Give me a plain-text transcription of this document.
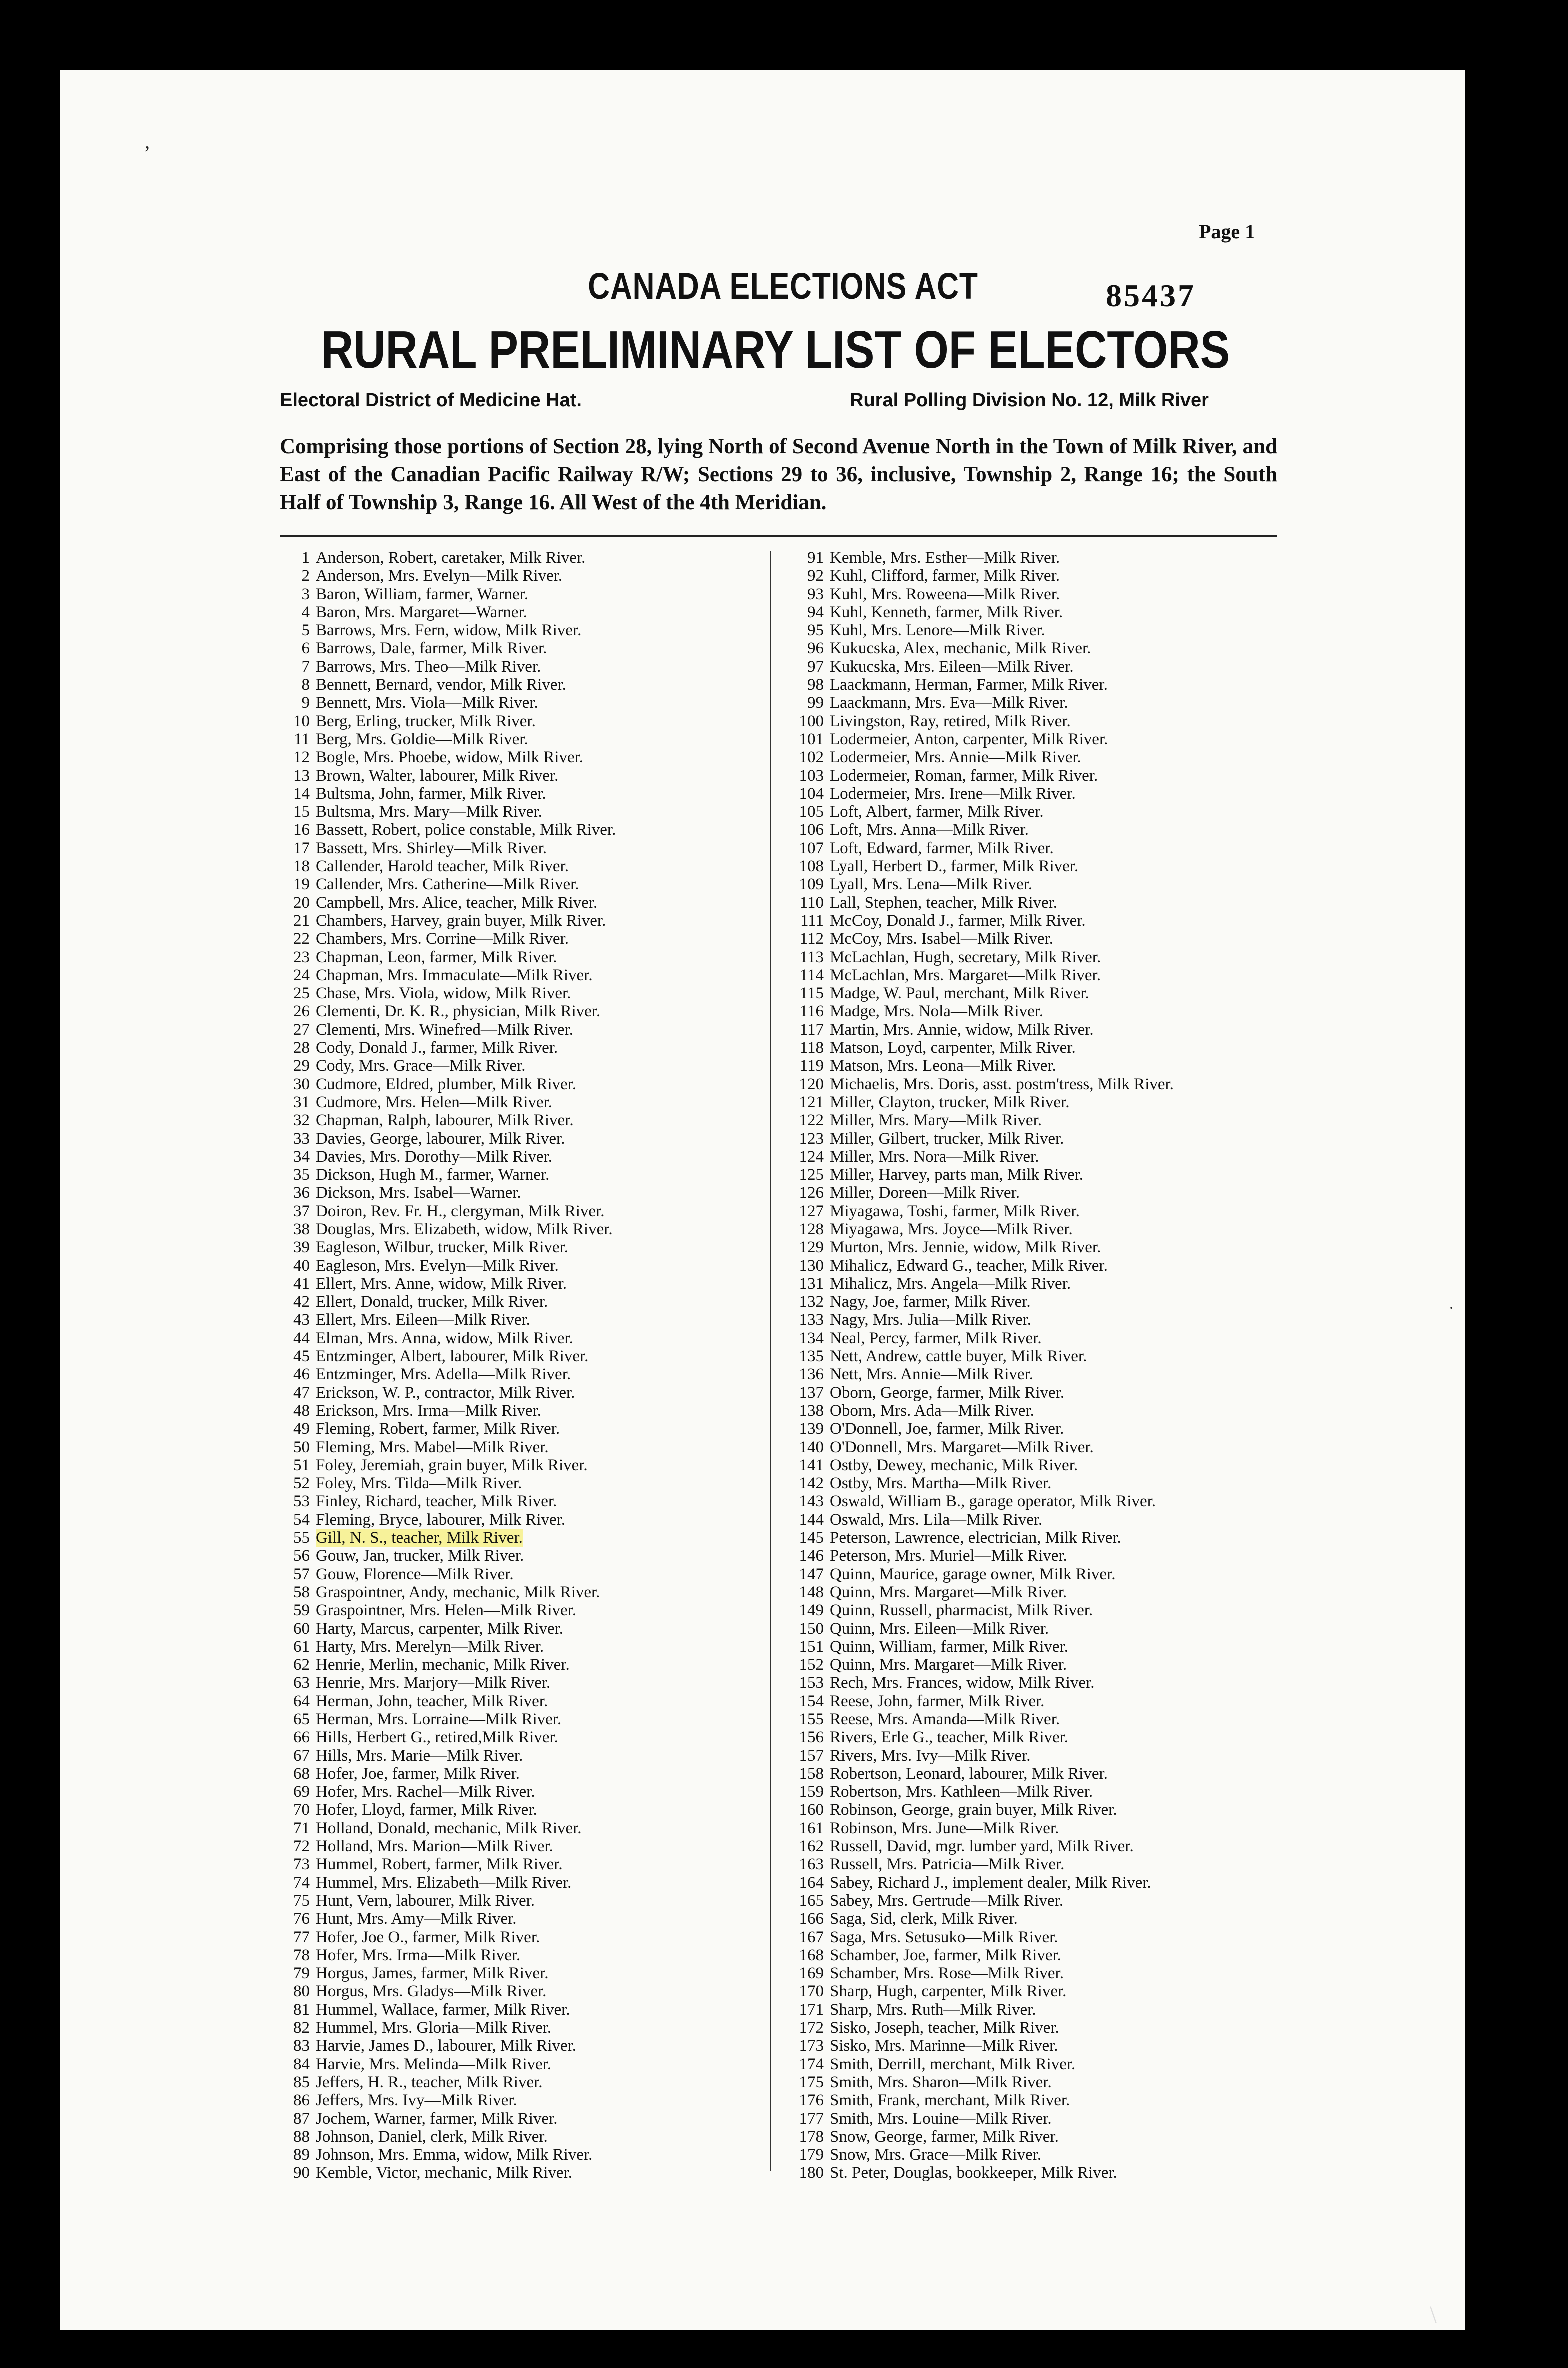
,
·
\
Page 1
CANADA ELECTIONS ACT	85437
RURAL PRELIMINARY LIST OF ELECTORS
Electoral District of Medicine Hat.	Rural Polling Division No. 12, Milk River
Comprising those portions of Section 28, lying North of Second Avenue North in the Town of Milk River, and East of the Canadian Pacific Railway R/W; Sections 29 to 36, inclusive, Township 2, Range 16; the South Half of Township 3, Range 16. All West of the 4th Meridian.
1 Anderson, Robert, caretaker, Milk River.
2 Anderson, Mrs. Evelyn—Milk River.
3 Baron, William, farmer, Warner.
4 Baron, Mrs. Margaret—Warner.
5 Barrows, Mrs. Fern, widow, Milk River.
6 Barrows, Dale, farmer, Milk River.
7 Barrows, Mrs. Theo—Milk River.
8 Bennett, Bernard, vendor, Milk River.
9 Bennett, Mrs. Viola—Milk River.
10 Berg, Erling, trucker, Milk River.
11 Berg, Mrs. Goldie—Milk River.
12 Bogle, Mrs. Phoebe, widow, Milk River.
13 Brown, Walter, labourer, Milk River.
14 Bultsma, John, farmer, Milk River.
15 Bultsma, Mrs. Mary—Milk River.
16 Bassett, Robert, police constable, Milk River.
17 Bassett, Mrs. Shirley—Milk River.
18 Callender, Harold teacher, Milk River.
19 Callender, Mrs. Catherine—Milk River.
20 Campbell, Mrs. Alice, teacher, Milk River.
21 Chambers, Harvey, grain buyer, Milk River.
22 Chambers, Mrs. Corrine—Milk River.
23 Chapman, Leon, farmer, Milk River.
24 Chapman, Mrs. Immaculate—Milk River.
25 Chase, Mrs. Viola, widow, Milk River.
26 Clementi, Dr. K. R., physician, Milk River.
27 Clementi, Mrs. Winefred—Milk River.
28 Cody, Donald J., farmer, Milk River.
29 Cody, Mrs. Grace—Milk River.
30 Cudmore, Eldred, plumber, Milk River.
31 Cudmore, Mrs. Helen—Milk River.
32 Chapman, Ralph, labourer, Milk River.
33 Davies, George, labourer, Milk River.
34 Davies, Mrs. Dorothy—Milk River.
35 Dickson, Hugh M., farmer, Warner.
36 Dickson, Mrs. Isabel—Warner.
37 Doiron, Rev. Fr. H., clergyman, Milk River.
38 Douglas, Mrs. Elizabeth, widow, Milk River.
39 Eagleson, Wilbur, trucker, Milk River.
40 Eagleson, Mrs. Evelyn—Milk River.
41 Ellert, Mrs. Anne, widow, Milk River.
42 Ellert, Donald, trucker, Milk River.
43 Ellert, Mrs. Eileen—Milk River.
44 Elman, Mrs. Anna, widow, Milk River.
45 Entzminger, Albert, labourer, Milk River.
46 Entzminger, Mrs. Adella—Milk River.
47 Erickson, W. P., contractor, Milk River.
48 Erickson, Mrs. Irma—Milk River.
49 Fleming, Robert, farmer, Milk River.
50 Fleming, Mrs. Mabel—Milk River.
51 Foley, Jeremiah, grain buyer, Milk River.
52 Foley, Mrs. Tilda—Milk River.
53 Finley, Richard, teacher, Milk River.
54 Fleming, Bryce, labourer, Milk River.
55 Gill, N. S., teacher, Milk River.
56 Gouw, Jan, trucker, Milk River.
57 Gouw, Florence—Milk River.
58 Graspointner, Andy, mechanic, Milk River.
59 Graspointner, Mrs. Helen—Milk River.
60 Harty, Marcus, carpenter, Milk River.
61 Harty, Mrs. Merelyn—Milk River.
62 Henrie, Merlin, mechanic, Milk River.
63 Henrie, Mrs. Marjory—Milk River.
64 Herman, John, teacher, Milk River.
65 Herman, Mrs. Lorraine—Milk River.
66 Hills, Herbert G., retired,Milk River.
67 Hills, Mrs. Marie—Milk River.
68 Hofer, Joe, farmer, Milk River.
69 Hofer, Mrs. Rachel—Milk River.
70 Hofer, Lloyd, farmer, Milk River.
71 Holland, Donald, mechanic, Milk River.
72 Holland, Mrs. Marion—Milk River.
73 Hummel, Robert, farmer, Milk River.
74 Hummel, Mrs. Elizabeth—Milk River.
75 Hunt, Vern, labourer, Milk River.
76 Hunt, Mrs. Amy—Milk River.
77 Hofer, Joe O., farmer, Milk River.
78 Hofer, Mrs. Irma—Milk River.
79 Horgus, James, farmer, Milk River.
80 Horgus, Mrs. Gladys—Milk River.
81 Hummel, Wallace, farmer, Milk River.
82 Hummel, Mrs. Gloria—Milk River.
83 Harvie, James D., labourer, Milk River.
84 Harvie, Mrs. Melinda—Milk River.
85 Jeffers, H. R., teacher, Milk River.
86 Jeffers, Mrs. Ivy—Milk River.
87 Jochem, Warner, farmer, Milk River.
88 Johnson, Daniel, clerk, Milk River.
89 Johnson, Mrs. Emma, widow, Milk River.
90 Kemble, Victor, mechanic, Milk River.
91 Kemble, Mrs. Esther—Milk River.
92 Kuhl, Clifford, farmer, Milk River.
93 Kuhl, Mrs. Roweena—Milk River.
94 Kuhl, Kenneth, farmer, Milk River.
95 Kuhl, Mrs. Lenore—Milk River.
96 Kukucska, Alex, mechanic, Milk River.
97 Kukucska, Mrs. Eileen—Milk River.
98 Laackmann, Herman, Farmer, Milk River.
99 Laackmann, Mrs. Eva—Milk River.
100 Livingston, Ray, retired, Milk River.
101 Lodermeier, Anton, carpenter, Milk River.
102 Lodermeier, Mrs. Annie—Milk River.
103 Lodermeier, Roman, farmer, Milk River.
104 Lodermeier, Mrs. Irene—Milk River.
105 Loft, Albert, farmer, Milk River.
106 Loft, Mrs. Anna—Milk River.
107 Loft, Edward, farmer, Milk River.
108 Lyall, Herbert D., farmer, Milk River.
109 Lyall, Mrs. Lena—Milk River.
110 Lall, Stephen, teacher, Milk River.
111 McCoy, Donald J., farmer, Milk River.
112 McCoy, Mrs. Isabel—Milk River.
113 McLachlan, Hugh, secretary, Milk River.
114 McLachlan, Mrs. Margaret—Milk River.
115 Madge, W. Paul, merchant, Milk River.
116 Madge, Mrs. Nola—Milk River.
117 Martin, Mrs. Annie, widow, Milk River.
118 Matson, Loyd, carpenter, Milk River.
119 Matson, Mrs. Leona—Milk River.
120 Michaelis, Mrs. Doris, asst. postm'tress, Milk River.
121 Miller, Clayton, trucker, Milk River.
122 Miller, Mrs. Mary—Milk River.
123 Miller, Gilbert, trucker, Milk River.
124 Miller, Mrs. Nora—Milk River.
125 Miller, Harvey, parts man, Milk River.
126 Miller, Doreen—Milk River.
127 Miyagawa, Toshi, farmer, Milk River.
128 Miyagawa, Mrs. Joyce—Milk River.
129 Murton, Mrs. Jennie, widow, Milk River.
130 Mihalicz, Edward G., teacher, Milk River.
131 Mihalicz, Mrs. Angela—Milk River.
132 Nagy, Joe, farmer, Milk River.
133 Nagy, Mrs. Julia—Milk River.
134 Neal, Percy, farmer, Milk River.
135 Nett, Andrew, cattle buyer, Milk River.
136 Nett, Mrs. Annie—Milk River.
137 Oborn, George, farmer, Milk River.
138 Oborn, Mrs. Ada—Milk River.
139 O'Donnell, Joe, farmer, Milk River.
140 O'Donnell, Mrs. Margaret—Milk River.
141 Ostby, Dewey, mechanic, Milk River.
142 Ostby, Mrs. Martha—Milk River.
143 Oswald, William B., garage operator, Milk River.
144 Oswald, Mrs. Lila—Milk River.
145 Peterson, Lawrence, electrician, Milk River.
146 Peterson, Mrs. Muriel—Milk River.
147 Quinn, Maurice, garage owner, Milk River.
148 Quinn, Mrs. Margaret—Milk River.
149 Quinn, Russell, pharmacist, Milk River.
150 Quinn, Mrs. Eileen—Milk River.
151 Quinn, William, farmer, Milk River.
152 Quinn, Mrs. Margaret—Milk River.
153 Rech, Mrs. Frances, widow, Milk River.
154 Reese, John, farmer, Milk River.
155 Reese, Mrs. Amanda—Milk River.
156 Rivers, Erle G., teacher, Milk River.
157 Rivers, Mrs. Ivy—Milk River.
158 Robertson, Leonard, labourer, Milk River.
159 Robertson, Mrs. Kathleen—Milk River.
160 Robinson, George, grain buyer, Milk River.
161 Robinson, Mrs. June—Milk River.
162 Russell, David, mgr. lumber yard, Milk River.
163 Russell, Mrs. Patricia—Milk River.
164 Sabey, Richard J., implement dealer, Milk River.
165 Sabey, Mrs. Gertrude—Milk River.
166 Saga, Sid, clerk, Milk River.
167 Saga, Mrs. Setusuko—Milk River.
168 Schamber, Joe, farmer, Milk River.
169 Schamber, Mrs. Rose—Milk River.
170 Sharp, Hugh, carpenter, Milk River.
171 Sharp, Mrs. Ruth—Milk River.
172 Sisko, Joseph, teacher, Milk River.
173 Sisko, Mrs. Marinne—Milk River.
174 Smith, Derrill, merchant, Milk River.
175 Smith, Mrs. Sharon—Milk River.
176 Smith, Frank, merchant, Milk River.
177 Smith, Mrs. Louine—Milk River.
178 Snow, George, farmer, Milk River.
179 Snow, Mrs. Grace—Milk River.
180 St. Peter, Douglas, bookkeeper, Milk River.
